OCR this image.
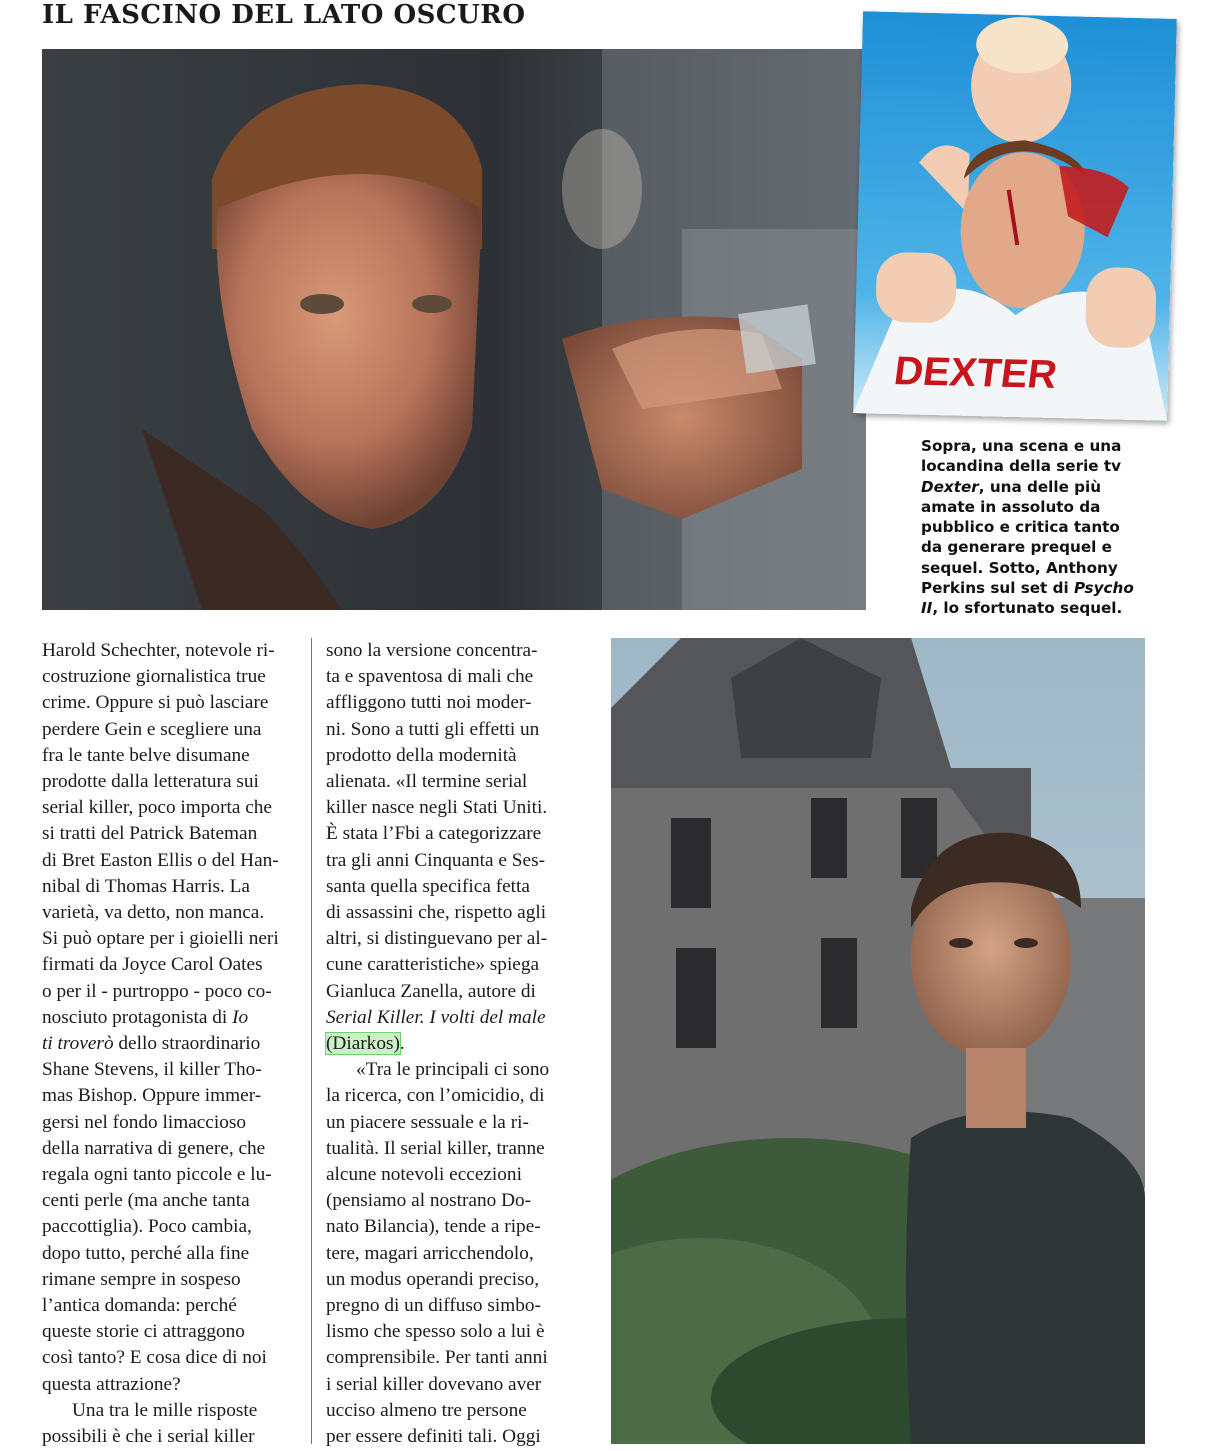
IL FASCINO DEL LATO OSCURO
DEXTER
Sopra, una scena e una
locandina della serie tv
Dexter, una delle più
amate in assoluto da
pubblico e critica tanto
da generare prequel e
sequel. Sotto, Anthony
Perkins sul set di Psycho
II, lo sfortunato sequel.
Harold Schechter, notevole ri-
costruzione giornalistica true
crime. Oppure si può lasciare
perdere Gein e scegliere una
fra le tante belve disumane
prodotte dalla letteratura sui
serial killer, poco importa che
si tratti del Patrick Bateman
di Bret Easton Ellis o del Han-
nibal di Thomas Harris. La
varietà, va detto, non manca.
Si può optare per i gioielli neri
firmati da Joyce Carol Oates
o per il - purtroppo - poco co-
nosciuto protagonista di Io
ti troverò dello straordinario
Shane Stevens, il killer Tho-
mas Bishop. Oppure immer-
gersi nel fondo limaccioso
della narrativa di genere, che
regala ogni tanto piccole e lu-
centi perle (ma anche tanta
paccottiglia). Poco cambia,
dopo tutto, perché alla fine
rimane sempre in sospeso
l’antica domanda: perché
queste storie ci attraggono
così tanto? E cosa dice di noi
questa attrazione?
Una tra le mille risposte
possibili è che i serial killer
sono la versione concentra-
ta e spaventosa di mali che
affliggono tutti noi moder-
ni. Sono a tutti gli effetti un
prodotto della modernità
alienata. «Il termine serial
killer nasce negli Stati Uniti.
È stata l’Fbi a categorizzare
tra gli anni Cinquanta e Ses-
santa quella specifica fetta
di assassini che, rispetto agli
altri, si distinguevano per al-
cune caratteristiche» spiega
Gianluca Zanella, autore di
Serial Killer. I volti del male
(Diarkos).
«Tra le principali ci sono
la ricerca, con l’omicidio, di
un piacere sessuale e la ri-
tualità. Il serial killer, tranne
alcune notevoli eccezioni
(pensiamo al nostrano Do-
nato Bilancia), tende a ripe-
tere, magari arricchendolo,
un modus operandi preciso,
pregno di un diffuso simbo-
lismo che spesso solo a lui è
comprensibile. Per tanti anni
i serial killer dovevano aver
ucciso almeno tre persone
per essere definiti tali. Oggi
